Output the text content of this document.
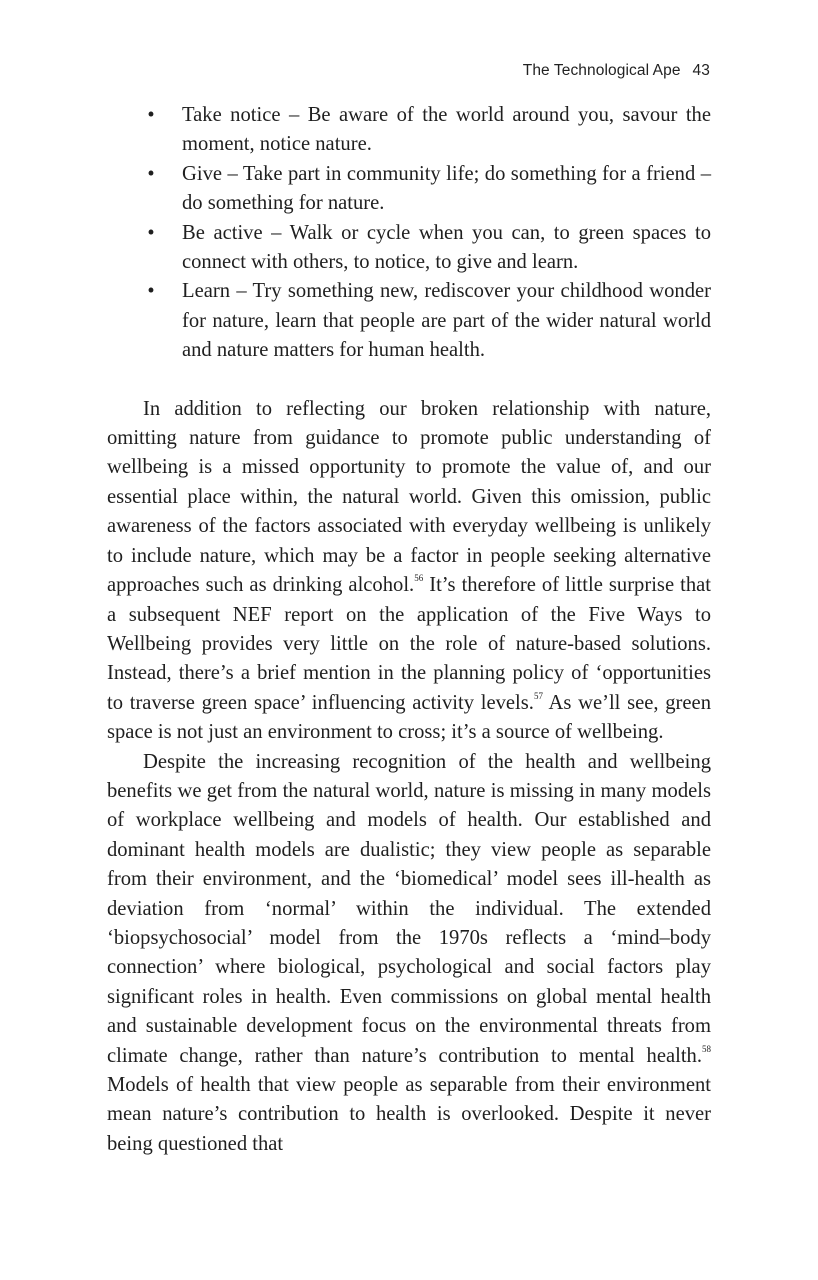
The Technological Ape 43
• Take notice – Be aware of the world around you, savour the moment, notice nature.
• Give – Take part in community life; do something for a friend – do something for nature.
• Be active – Walk or cycle when you can, to green spaces to connect with others, to notice, to give and learn.
• Learn – Try something new, rediscover your childhood wonder for nature, learn that people are part of the wider natural world and nature matters for human health.

In addition to reflecting our broken relationship with nature, omitting nature from guidance to promote public understanding of wellbeing is a missed opportunity to promote the value of, and our essential place within, the natural world. Given this omission, public awareness of the factors associated with everyday wellbeing is unlikely to include nature, which may be a factor in people seeking alternative approaches such as drinking alcohol.$^{56}$ It’s therefore of little surprise that a subsequent NEF report on the application of the Five Ways to Wellbeing provides very little on the role of nature-based solutions. Instead, there’s a brief mention in the planning policy of ‘opportunities to traverse green space’ influencing activity levels.$^{57}$ As we’ll see, green space is not just an environment to cross; it’s a source of wellbeing.

Despite the increasing recognition of the health and wellbeing benefits we get from the natural world, nature is missing in many models of workplace wellbeing and models of health. Our established and dominant health models are dualistic; they view people as separable from their environment, and the ‘biomedical’ model sees ill-health as deviation from ‘normal’ within the individual. The extended ‘biopsychosocial’ model from the 1970s reflects a ‘mind–body connection’ where biological, psychological and social factors play significant roles in health. Even commissions on global mental health and sustainable development focus on the environmental threats from climate change, rather than nature’s contribution to mental health.$^{58}$ Models of health that view people as separable from their environment mean nature’s contribution to health is overlooked. Despite it never being questioned that
